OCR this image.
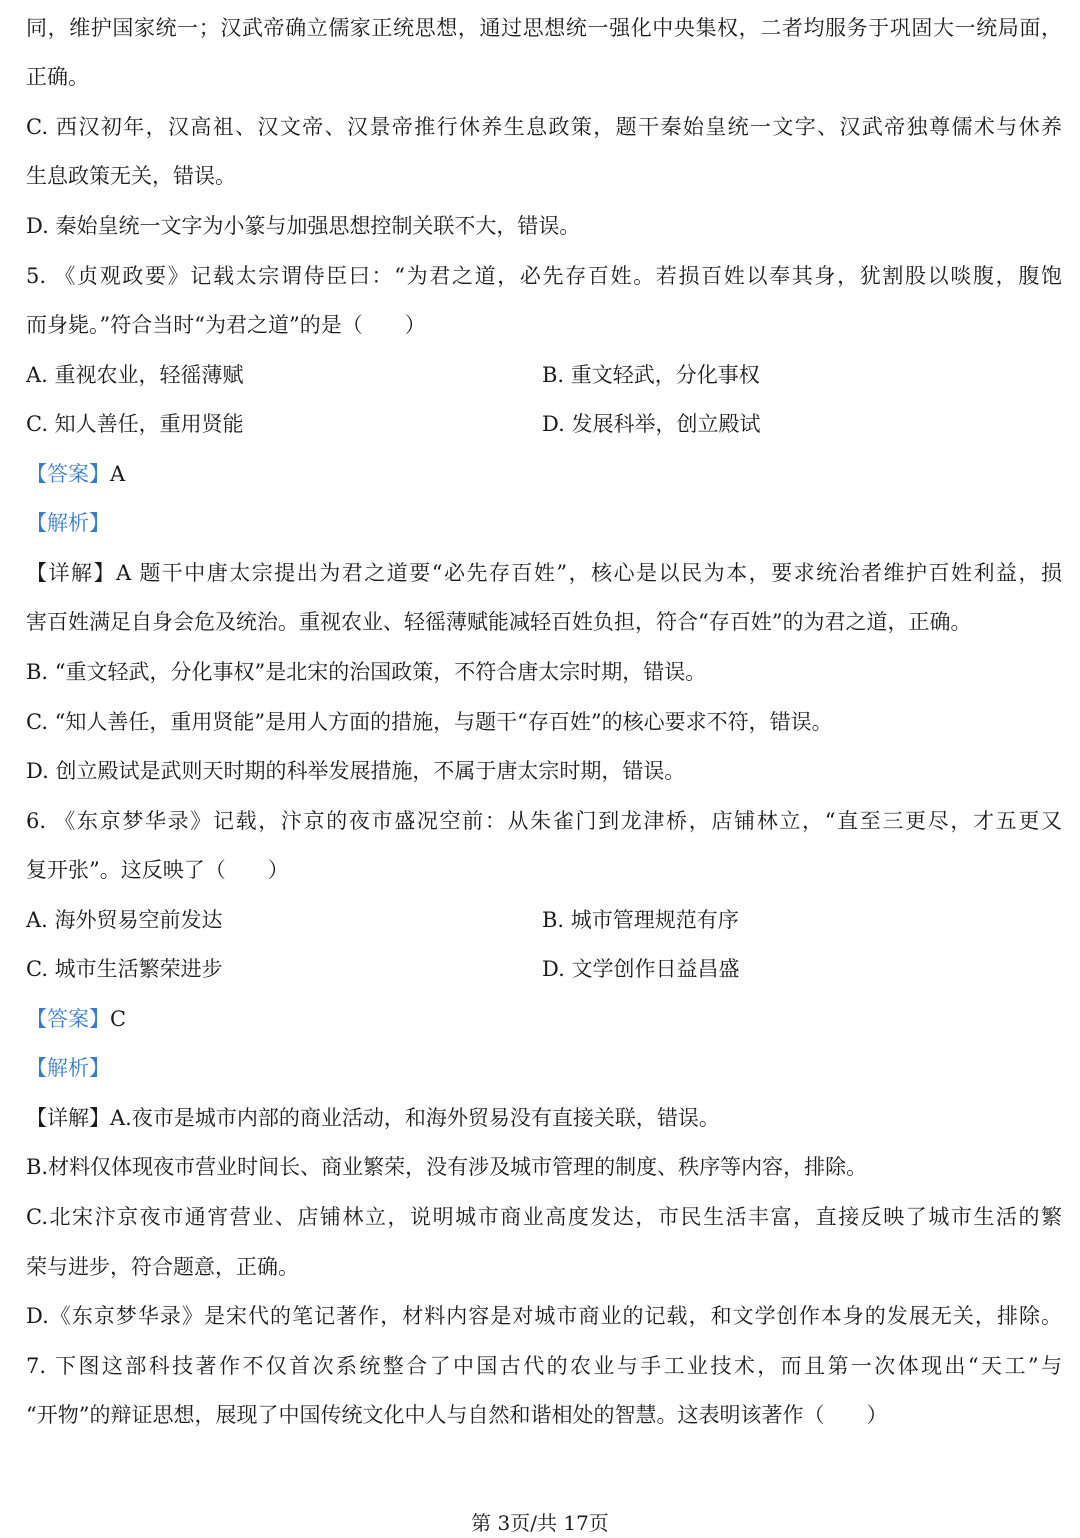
同，维护国家统一；汉武帝确立儒家正统思想，通过思想统一强化中央集权，二者均服务于巩固大一统局面，
正确。
C. 西汉初年，汉高祖、汉文帝、汉景帝推行休养生息政策，题干秦始皇统一文字、汉武帝独尊儒术与休养
生息政策无关，错误。
D. 秦始皇统一文字为小篆与加强思想控制关联不大，错误。
5. 《贞观政要》记载太宗谓侍臣曰：“为君之道，必先存百姓。若损百姓以奉其身，犹割股以啖腹，腹饱
而身毙。”符合当时“为君之道”的是（　　）
A. 重视农业，轻徭薄赋	B. 重文轻武，分化事权
C. 知人善任，重用贤能	D. 发展科举，创立殿试
【答案】A
【解析】
【详解】A 题干中唐太宗提出为君之道要“必先存百姓”，核心是以民为本，要求统治者维护百姓利益，损
害百姓满足自身会危及统治。重视农业、轻徭薄赋能减轻百姓负担，符合“存百姓”的为君之道，正确。
B. “重文轻武，分化事权”是北宋的治国政策，不符合唐太宗时期，错误。
C. “知人善任，重用贤能”是用人方面的措施，与题干“存百姓”的核心要求不符，错误。
D. 创立殿试是武则天时期的科举发展措施，不属于唐太宗时期，错误。
6. 《东京梦华录》记载，汴京的夜市盛况空前：从朱雀门到龙津桥，店铺林立，“直至三更尽，才五更又
复开张”。这反映了（　　）
A. 海外贸易空前发达	B. 城市管理规范有序
C. 城市生活繁荣进步	D. 文学创作日益昌盛
【答案】C
【解析】
【详解】A.夜市是城市内部的商业活动，和海外贸易没有直接关联，错误。
B.材料仅体现夜市营业时间长、商业繁荣，没有涉及城市管理的制度、秩序等内容，排除。
C.北宋汴京夜市通宵营业、店铺林立，说明城市商业高度发达，市民生活丰富，直接反映了城市生活的繁
荣与进步，符合题意，正确。
D.《东京梦华录》是宋代的笔记著作，材料内容是对城市商业的记载，和文学创作本身的发展无关，排除。
7. 下图这部科技著作不仅首次系统整合了中国古代的农业与手工业技术，而且第一次体现出“天工”与
“开物”的辩证思想，展现了中国传统文化中人与自然和谐相处的智慧。这表明该著作（　　）
第 3页/共 17页
